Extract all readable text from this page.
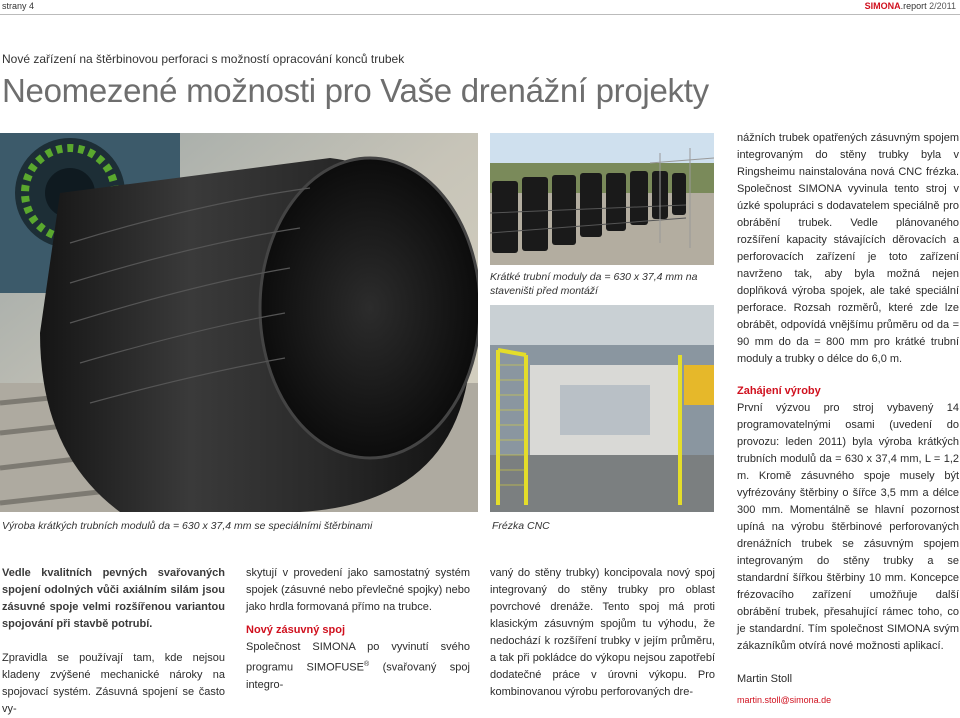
strany 4	SIMONA.report 2/2011
Nové zařízení na štěrbinovou perforaci s možností opracování konců trubek
Neomezené možnosti pro Vaše drenážní projekty
Výroba krátkých trubních modulů da = 630 x 37,4 mm se speciálními štěrbinami
Krátké trubní moduly da = 630 x 37,4 mm na staveništi před montáží
Frézka CNC

Vedle kvalitních pevných svařovaných spojení odolných vůči axiálním silám jsou zásuvné spoje velmi rozšířenou variantou spojování při stavbě potrubí.

Zpravidla se používají tam, kde nejsou kladeny zvýšené mechanické nároky na spojovací systém. Zásuvná spojení se často vy-

skytují v provedení jako samostatný systém spojek (zásuvné nebo převlečné spojky) nebo jako hrdla formovaná přímo na trubce.

Nový zásuvný spoj

Společnost SIMONA po vyvinutí svého programu SIMOFUSE® (svařovaný spoj integro-

vaný do stěny trubky) koncipovala nový spoj integrovaný do stěny trubky pro oblast povrchové drenáže. Tento spoj má proti klasickým zásuvným spojům tu výhodu, že nedochází k rozšíření trubky v jejím průměru, a tak při pokládce do výkopu nejsou zapotřebí dodatečné práce v úrovni výkopu. Pro kombinovanou výrobu perforovaných dre-

nážních trubek opatřených zásuvným spojem integrovaným do stěny trubky byla v Ringsheimu nainstalována nová CNC frézka. Společnost SIMONA vyvinula tento stroj v úzké spolupráci s dodavatelem speciálně pro obrábění trubek. Vedle plánovaného rozšíření kapacity stávajících děrovacích a perforovacích zařízení je toto zařízení navrženo tak, aby byla možná nejen doplňková výroba spojek, ale také speciální perforace. Rozsah rozměrů, které zde lze obrábět, odpovídá vnějšímu průměru od da = 90 mm do da = 800 mm pro krátké trubní moduly a trubky o délce do 6,0 m.

Zahájení výroby

První výzvou pro stroj vybavený 14 programovatelnými osami (uvedení do provozu: leden 2011) byla výroba krátkých trubních modulů da = 630 x 37,4 mm, L = 1,2 m. Kromě zásuvného spoje musely být vyfrézovány štěrbiny o šířce 3,5 mm a délce 300 mm. Momentálně se hlavní pozornost upíná na výrobu štěrbinové perforovaných drenážních trubek se zásuvným spojem integrovaným do stěny trubky a se standardní šířkou štěrbiny 10 mm. Koncepce frézovacího zařízení umožňuje další obrábění trubek, přesahující rámec toho, co je standardní. Tím společnost SIMONA svým zákazníkům otvírá nové možnosti aplikací.

Martin Stoll
martin.stoll@simona.de
